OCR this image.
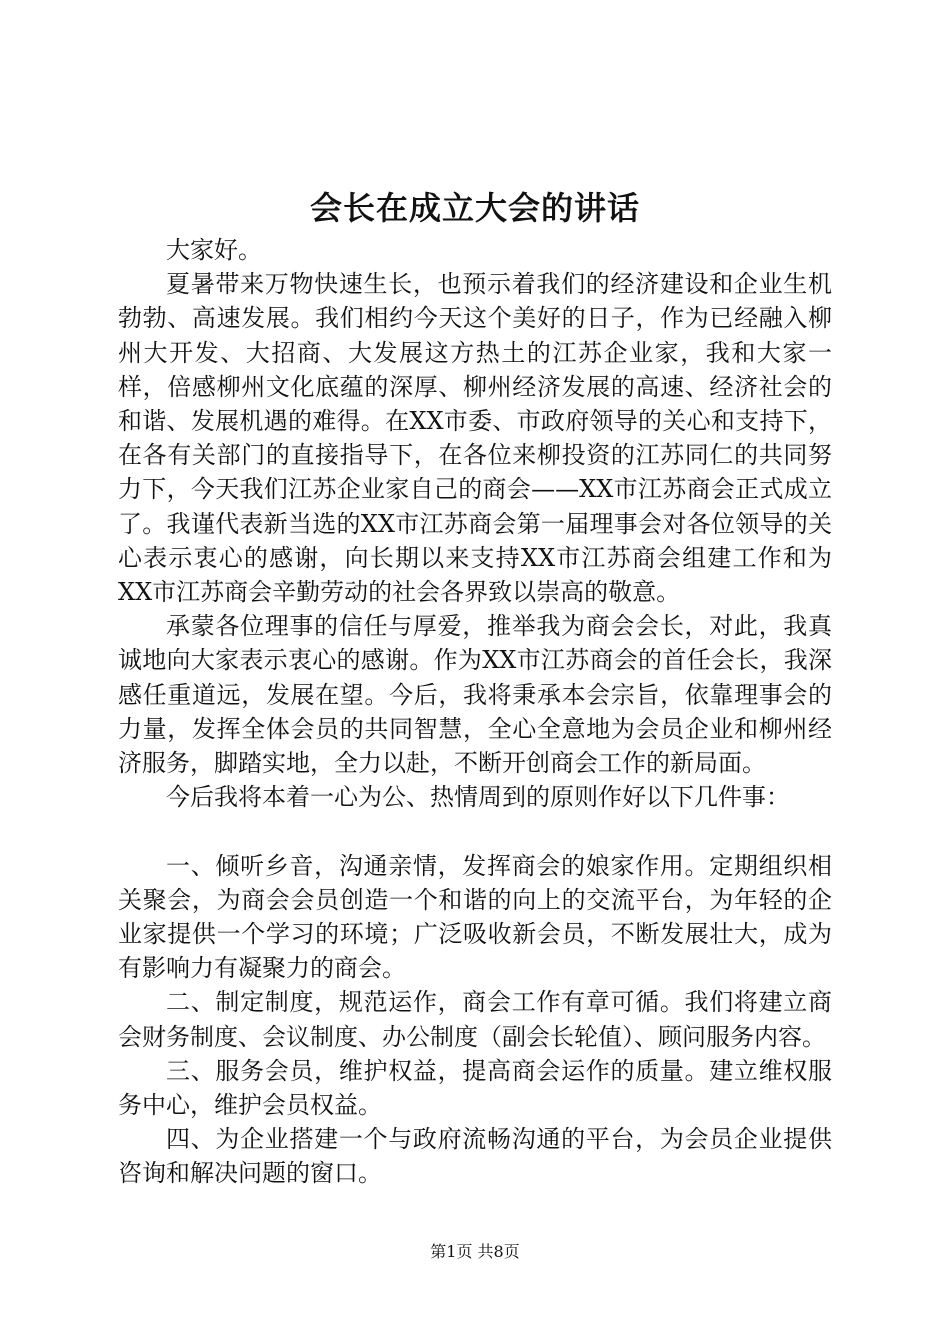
会长在成立大会的讲话

大家好。

夏暑带来万物快速生长，也预示着我们的经济建设和企业生机勃勃、高速发展。我们相约今天这个美好的日子，作为已经融入柳州大开发、大招商、大发展这方热土的江苏企业家，我和大家一样，倍感柳州文化底蕴的深厚、柳州经济发展的高速、经济社会的和谐、发展机遇的难得。在XX市委、市政府领导的关心和支持下，在各有关部门的直接指导下，在各位来柳投资的江苏同仁的共同努力下，今天我们江苏企业家自己的商会——XX市江苏商会正式成立了。我谨代表新当选的XX市江苏商会第一届理事会对各位领导的关心表示衷心的感谢，向长期以来支持XX市江苏商会组建工作和为XX市江苏商会辛勤劳动的社会各界致以崇高的敬意。

承蒙各位理事的信任与厚爱，推举我为商会会长，对此，我真诚地向大家表示衷心的感谢。作为XX市江苏商会的首任会长，我深感任重道远，发展在望。今后，我将秉承本会宗旨，依靠理事会的力量，发挥全体会员的共同智慧，全心全意地为会员企业和柳州经济服务，脚踏实地，全力以赴，不断开创商会工作的新局面。

今后我将本着一心为公、热情周到的原则作好以下几件事：

一、倾听乡音，沟通亲情，发挥商会的娘家作用。定期组织相关聚会，为商会会员创造一个和谐的向上的交流平台，为年轻的企业家提供一个学习的环境；广泛吸收新会员，不断发展壮大，成为有影响力有凝聚力的商会。

二、制定制度，规范运作，商会工作有章可循。我们将建立商会财务制度、会议制度、办公制度（副会长轮值）、顾问服务内容。

三、服务会员，维护权益，提高商会运作的质量。建立维权服务中心，维护会员权益。

四、为企业搭建一个与政府流畅沟通的平台，为会员企业提供咨询和解决问题的窗口。

第1页 共8页
